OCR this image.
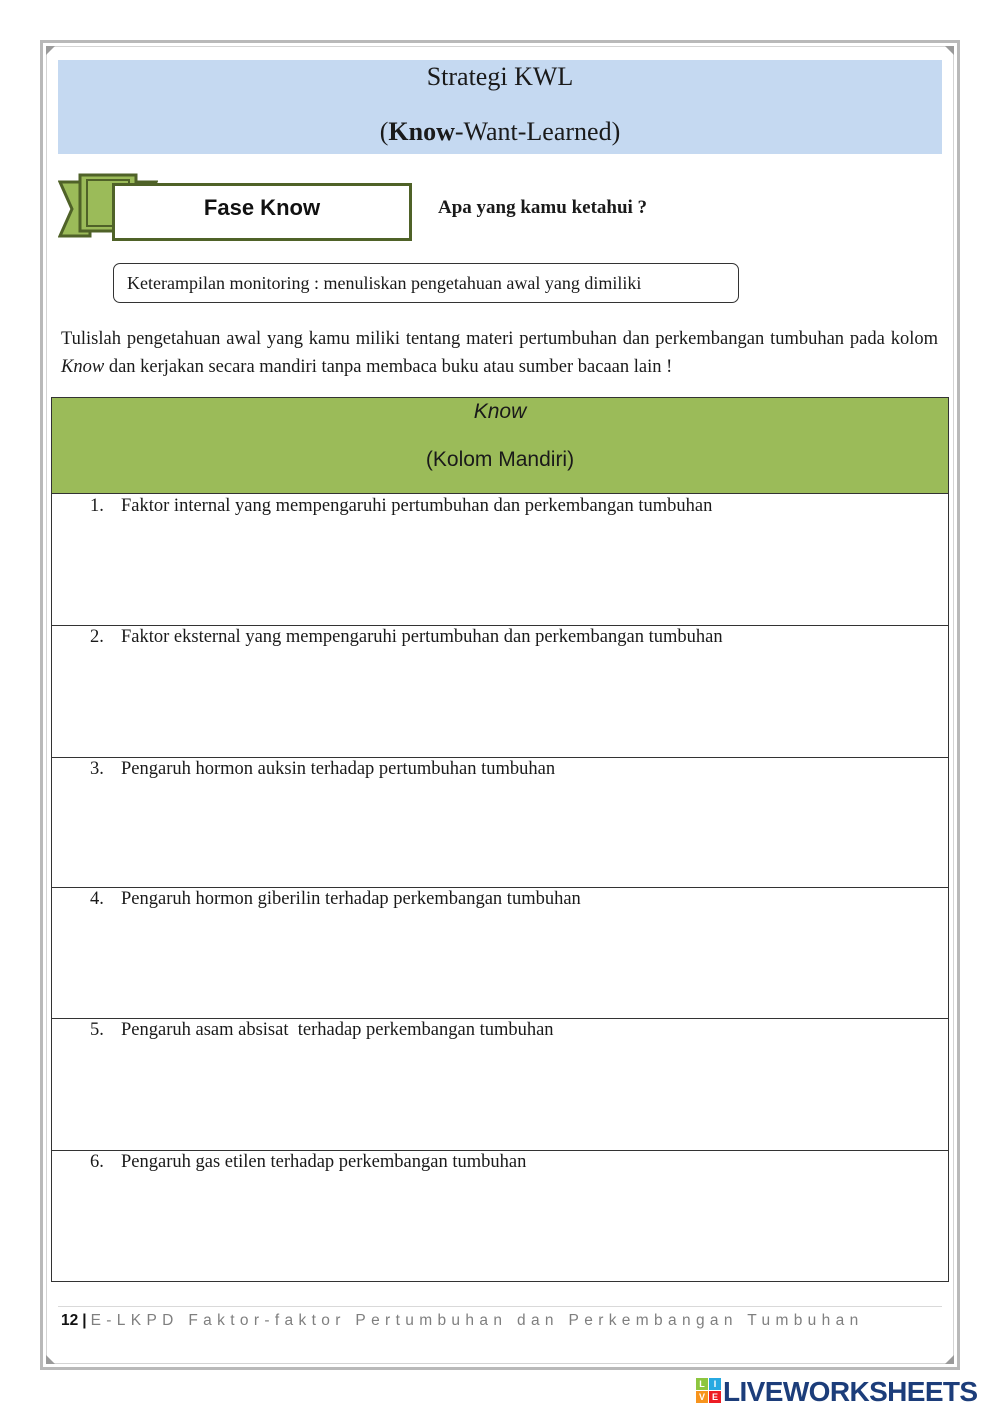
Strategi KWL
(Know-Want-Learned)
Fase Know	Apa yang kamu ketahui ?
Keterampilan monitoring : menuliskan pengetahuan awal yang dimiliki
Tulislah pengetahuan awal yang kamu miliki tentang materi pertumbuhan dan perkembangan tumbuhan pada kolom Know dan kerjakan secara mandiri tanpa membaca buku atau sumber bacaan lain !
Know
(Kolom Mandiri)
1. Faktor internal yang mempengaruhi pertumbuhan dan perkembangan tumbuhan
2. Faktor eksternal yang mempengaruhi pertumbuhan dan perkembangan tumbuhan
3. Pengaruh hormon auksin terhadap pertumbuhan tumbuhan
4. Pengaruh hormon giberilin terhadap perkembangan tumbuhan
5. Pengaruh asam absisat  terhadap perkembangan tumbuhan
6. Pengaruh gas etilen terhadap perkembangan tumbuhan
12 | E-LKPD Faktor-faktor Pertumbuhan dan Perkembangan Tumbuhan
L I
V E LIVEWORKSHEETS
